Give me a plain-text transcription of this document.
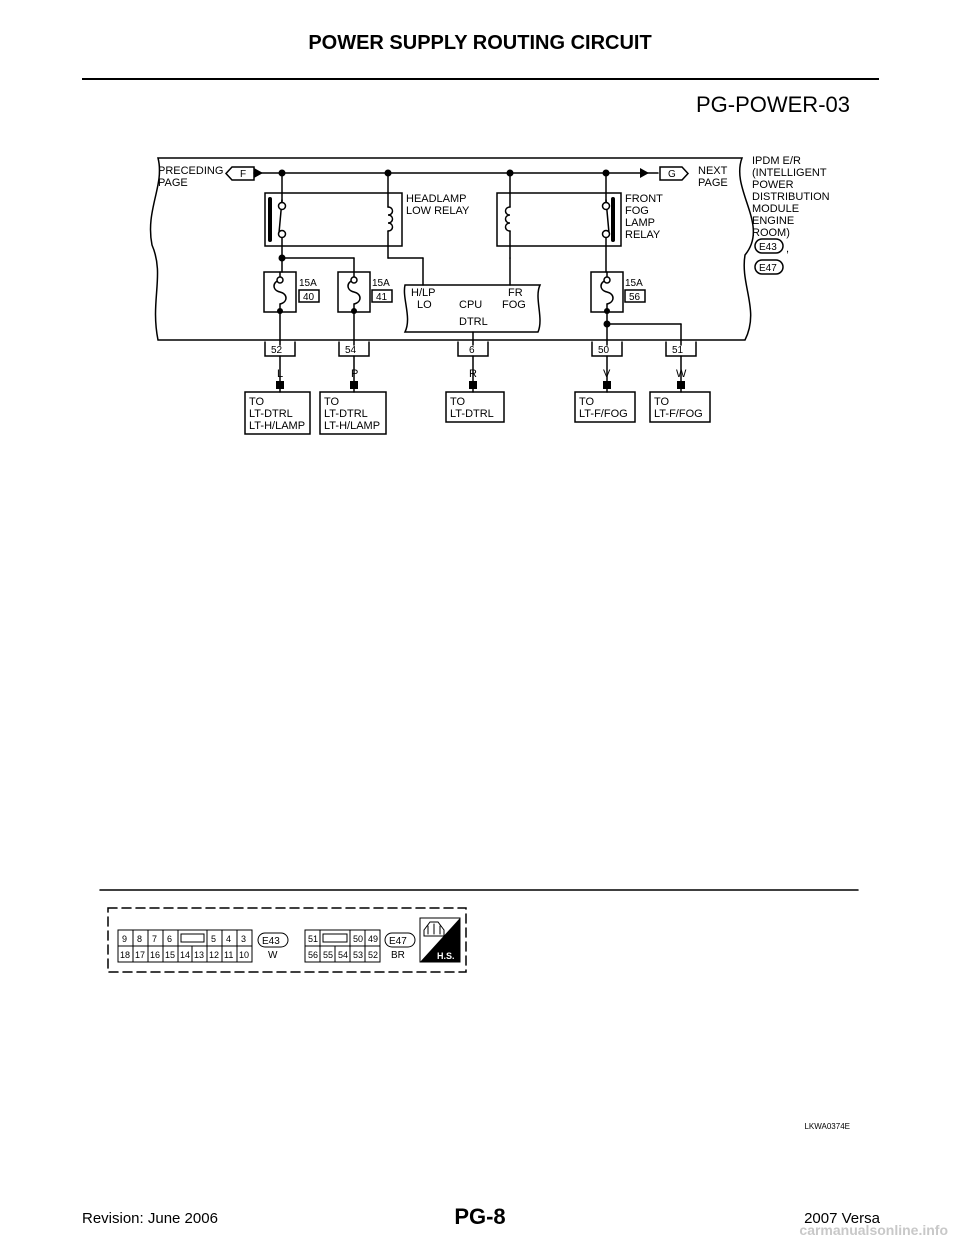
POWER SUPPLY ROUTING CIRCUIT
PG-POWER-03
PRECEDING
PAGE
NEXT
PAGE
F	G
IPDM E/R
(INTELLIGENT
POWER
DISTRIBUTION
MODULE
ENGINE
ROOM)
E43 ,
E47
HEADLAMP
LOW RELAY
FRONT
FOG
LAMP
RELAY
15A
40
15A
41
15A
56
H/LP
LO CPU
FR
FOG
DTRL
52	54	6	50	51
L	P	R	V	W
TO
LT-DTRL
LT-H/LAMP
TO
LT-DTRL
LT-H/LAMP
TO
LT-DTRL
TO
LT-F/FOG
TO
LT-F/FOG
9 8 7 6	5 4 3
18 17 16 15 14 13 12 11 10
E43
W
51	50 49
56 55 54 53 52
E47
BR	H.S.
LKWA0374E
PG-8
Revision: June 2006	2007 Versa
carmanualsonline.info
